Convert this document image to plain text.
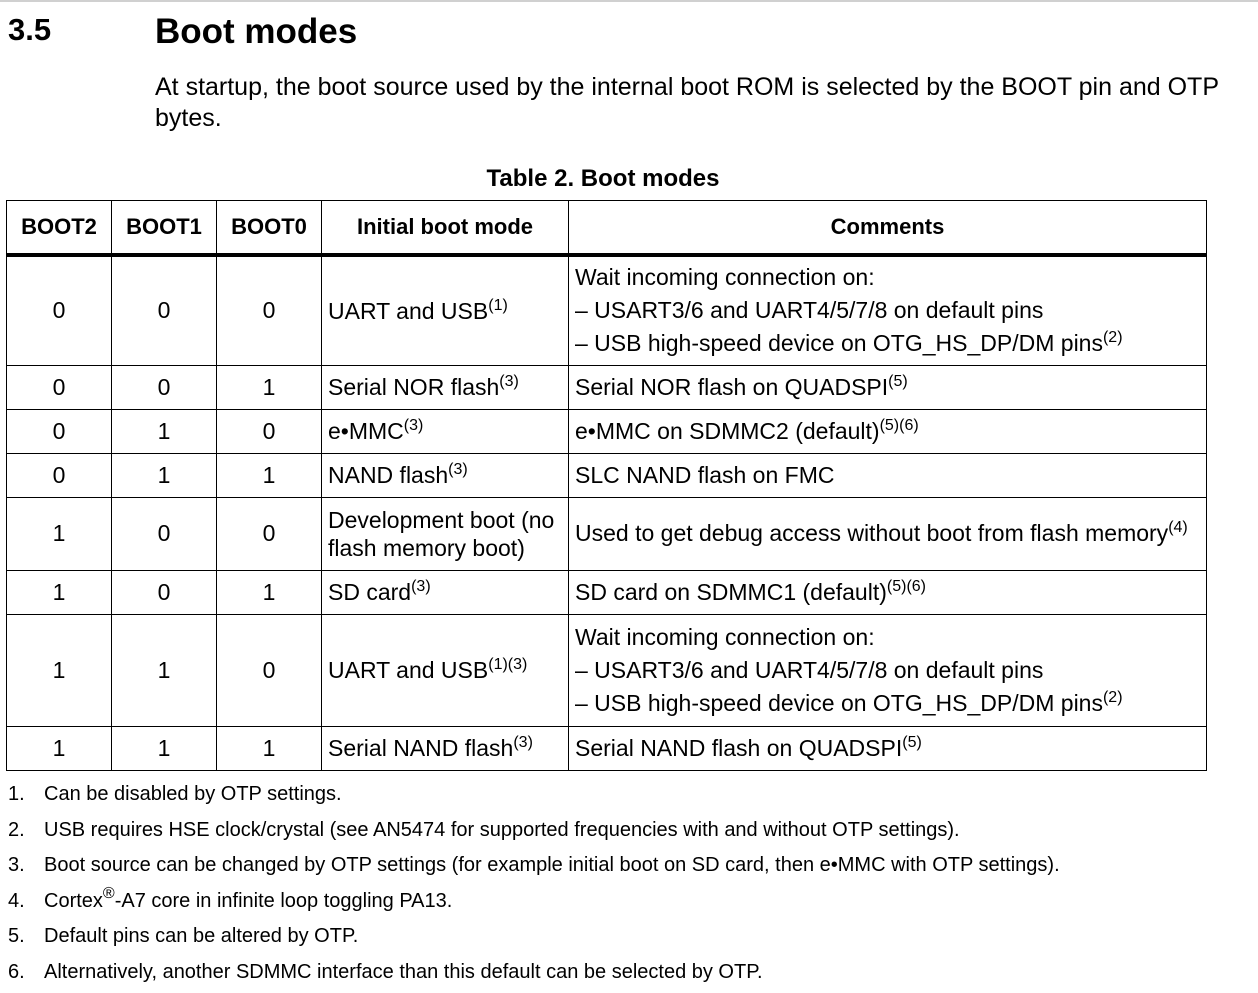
3.5	Boot modes
At startup, the boot source used by the internal boot ROM is selected by the BOOT pin and OTP bytes.
Table 2. Boot modes
BOOT2	BOOT1	BOOT0	Initial boot mode	Comments
0	0	0	UART and USB$^{(1)}$	Wait incoming connection on:
– USART3/6 and UART4/5/7/8 on default pins
– USB high-speed device on OTG_HS_DP/DM pins$^{(2)}$

0	0	1	Serial NOR flash$^{(3)}$	Serial NOR flash on QUADSPI$^{(5)}$
0	1	0	e•MMC$^{(3)}$	e•MMC on SDMMC2 (default)$^{(5)(6)}$
0	1	1	NAND flash$^{(3)}$	SLC NAND flash on FMC
1	0	0	Development boot (no flash memory boot)	Used to get debug access without boot from flash memory$^{(4)}$
1	0	1	SD card$^{(3)}$	SD card on SDMMC1 (default)$^{(5)(6)}$
1	1	0	UART and $USB^{(1)(3)}$	Wait incoming connection on:
– USART3/6 and UART4/5/7/8 on default pins
– USB high-speed device on OTG_HS_DP/DM pins$^{(2)}$

1	1	1	Serial NAND flash$^{(3)}$	Serial NAND flash on QUADSPI$^{(5)}$
1. Can be disabled by OTP settings.
2. USB requires HSE clock/crystal (see AN5474 for supported frequencies with and without OTP settings).
3. Boot source can be changed by OTP settings (for example initial boot on SD card, then e•MMC with OTP settings).
4. Cortex®-A7 core in infinite loop toggling PA13.
5. Default pins can be altered by OTP.
6. Alternatively, another SDMMC interface than this default can be selected by OTP.
